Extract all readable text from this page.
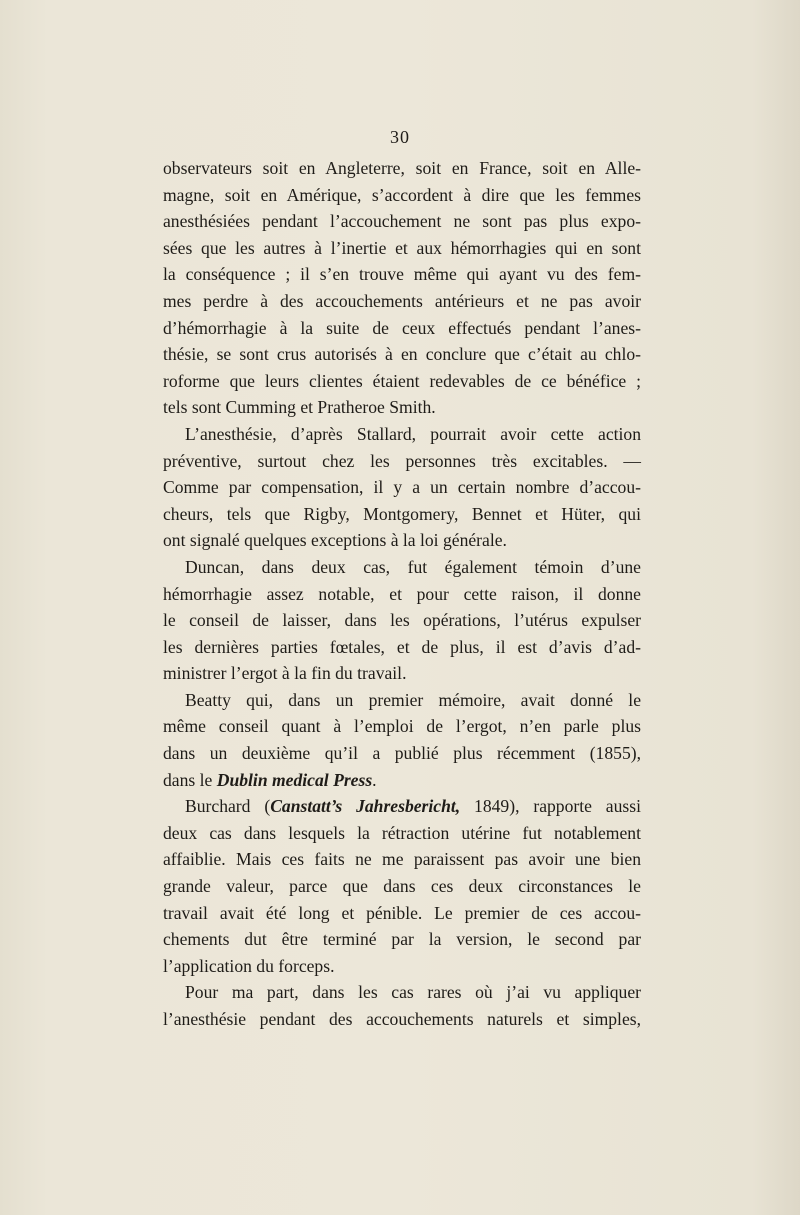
30
observateurs soit en Angleterre, soit en France, soit en Alle-
magne, soit en Amérique, s’accordent à dire que les femmes
anesthésiées pendant l’accouchement ne sont pas plus expo-
sées que les autres à l’inertie et aux hémorrhagies qui en sont
la conséquence ; il s’en trouve même qui ayant vu des fem-
mes perdre à des accouchements antérieurs et ne pas avoir
d’hémorrhagie à la suite de ceux effectués pendant l’anes-
thésie, se sont crus autorisés à en conclure que c’était au chlo-
roforme que leurs clientes étaient redevables de ce bénéfice ;
tels sont Cumming et Pratheroe Smith.
L’anesthésie, d’après Stallard, pourrait avoir cette action
préventive, surtout chez les personnes très excitables. —
Comme par compensation, il y a un certain nombre d’accou-
cheurs, tels que Rigby, Montgomery, Bennet et Hüter, qui
ont signalé quelques exceptions à la loi générale.
Duncan, dans deux cas, fut également témoin d’une
hémorrhagie assez notable, et pour cette raison, il donne
le conseil de laisser, dans les opérations, l’utérus expulser
les dernières parties fœtales, et de plus, il est d’avis d’ad-
ministrer l’ergot à la fin du travail.
Beatty qui, dans un premier mémoire, avait donné le
même conseil quant à l’emploi de l’ergot, n’en parle plus
dans un deuxième qu’il a publié plus récemment (1855),
dans le Dublin medical Press.
Burchard (Canstatt’s Jahresbericht, 1849), rapporte aussi
deux cas dans lesquels la rétraction utérine fut notablement
affaiblie. Mais ces faits ne me paraissent pas avoir une bien
grande valeur, parce que dans ces deux circonstances le
travail avait été long et pénible. Le premier de ces accou-
chements dut être terminé par la version, le second par
l’application du forceps.
Pour ma part, dans les cas rares où j’ai vu appliquer
l’anesthésie pendant des accouchements naturels et simples,
